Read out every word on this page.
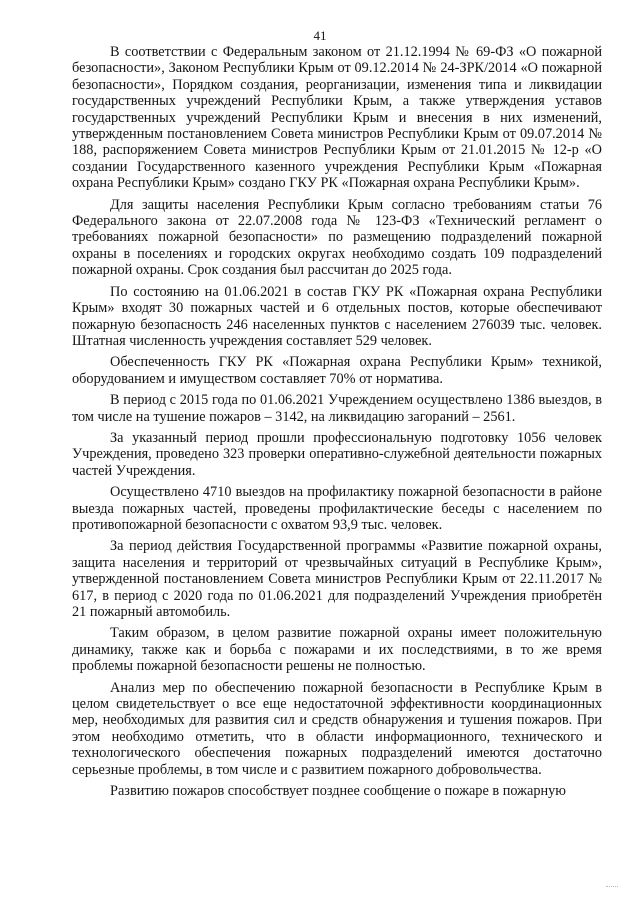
41

В соответствии с Федеральным законом от 21.12.1994 № 69-ФЗ «О пожарной безопасности», Законом Республики Крым от 09.12.2014 № 24-ЗРК/2014 «О пожарной безопасности», Порядком создания, реорганизации, изменения типа и ликвидации государственных учреждений Республики Крым, а также утверждения уставов государственных учреждений Республики Крым и внесения в них изменений, утвержденным постановлением Совета министров Республики Крым от 09.07.2014 № 188, распоряжением Совета министров Республики Крым от 21.01.2015 № 12-р «О создании Государственного казенного учреждения Республики Крым «Пожарная охрана Республики Крым» создано ГКУ РК «Пожарная охрана Республики Крым».

Для защиты населения Республики Крым согласно требованиям статьи 76 Федерального закона от 22.07.2008 года № 123-ФЗ «Технический регламент о требованиях пожарной безопасности» по размещению подразделений пожарной охраны в поселениях и городских округах необходимо создать 109 подразделений пожарной охраны. Срок создания был рассчитан до 2025 года.

По состоянию на 01.06.2021 в состав ГКУ РК «Пожарная охрана Республики Крым» входят 30 пожарных частей и 6 отдельных постов, которые обеспечивают пожарную безопасность 246 населенных пунктов с населением 276039 тыс. человек. Штатная численность учреждения составляет 529 человек.

Обеспеченность ГКУ РК «Пожарная охрана Республики Крым» техникой, оборудованием и имуществом составляет 70% от норматива.

В период с 2015 года по 01.06.2021 Учреждением осуществлено 1386 выездов, в том числе на тушение пожаров – 3142, на ликвидацию загораний – 2561.

За указанный период прошли профессиональную подготовку 1056 человек Учреждения, проведено 323 проверки оперативно-служебной деятельности пожарных частей Учреждения.

Осуществлено 4710 выездов на профилактику пожарной безопасности в районе выезда пожарных частей, проведены профилактические беседы с населением по противопожарной безопасности с охватом 93,9 тыс. человек.

За период действия Государственной программы «Развитие пожарной охраны, защита населения и территорий от чрезвычайных ситуаций в Республике Крым», утвержденной постановлением Совета министров Республики Крым от 22.11.2017 № 617, в период с 2020 года по 01.06.2021 для подразделений Учреждения приобретён 21 пожарный автомобиль.

Таким образом, в целом развитие пожарной охраны имеет положительную динамику, также как и борьба с пожарами и их последствиями, в то же время проблемы пожарной безопасности решены не полностью.

Анализ мер по обеспечению пожарной безопасности в Республике Крым в целом свидетельствует о все еще недостаточной эффективности координационных мер, необходимых для развития сил и средств обнаружения и тушения пожаров. При этом необходимо отметить, что в области информационного, технического и технологического обеспечения пожарных подразделений имеются достаточно серьезные проблемы, в том числе и с развитием пожарного добровольчества.

Развитию пожаров способствует позднее сообщение о пожаре в пожарную
